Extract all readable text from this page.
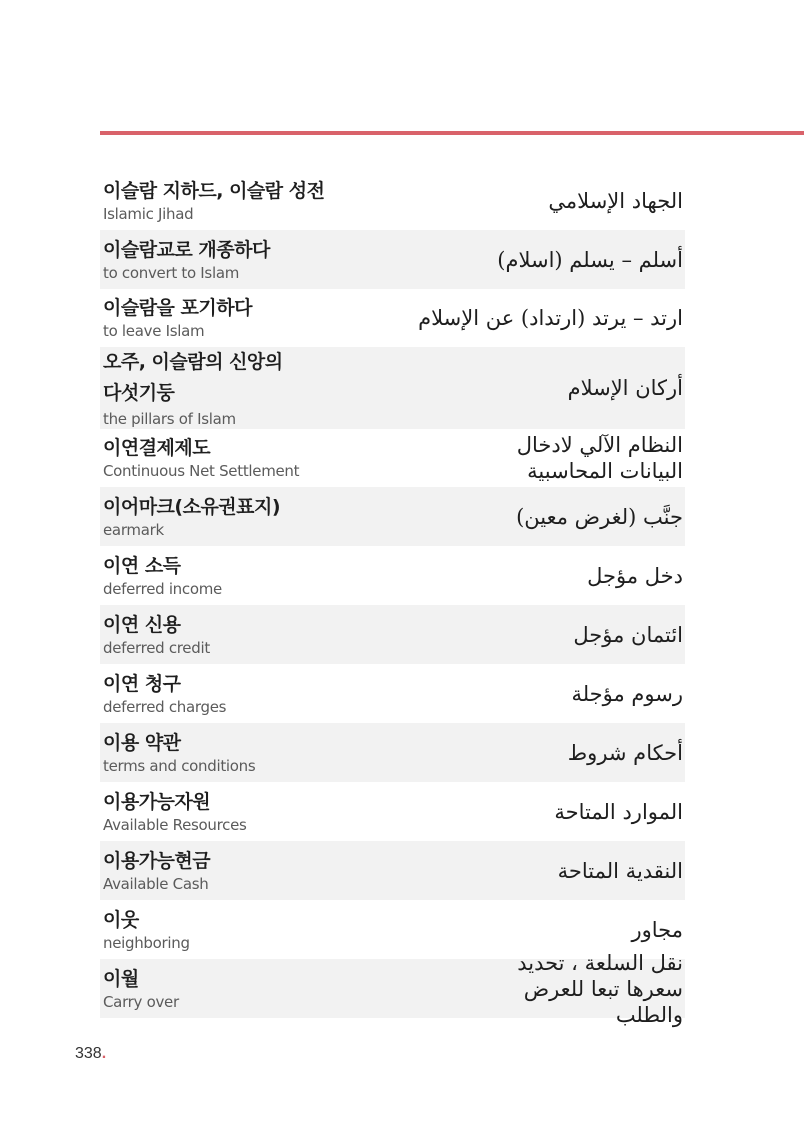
이슬람 지하드, 이슬람 성전
Islamic Jihad
الجهاد الإسلامي
이슬람교로 개종하다
to convert to Islam
أسلم – يسلم (اسلام)
이슬람을 포기하다
to leave Islam
ارتد – يرتد (ارتداد) عن الإسلام
오주, 이슬람의 신앙의 다섯기둥
the pillars of Islam
أركان الإسلام
이연결제제도
Continuous Net Settlement
النظام الآلي لادخال البيانات المحاسبية
이어마크(소유권표지)
earmark
جنَّب (لغرض معين)
이연 소득
deferred income
دخل مؤجل
이연 신용
deferred credit
ائتمان مؤجل
이연 청구
deferred charges
رسوم مؤجلة
이용 약관
terms and conditions
أحكام شروط
이용가능자원
Available Resources
الموارد المتاحة
이용가능현금
Available Cash
النقدية المتاحة
이웃
neighboring
مجاور
이월
Carry over
نقل السلعة ، تحديد سعرها تبعا للعرض والطلب
338.
